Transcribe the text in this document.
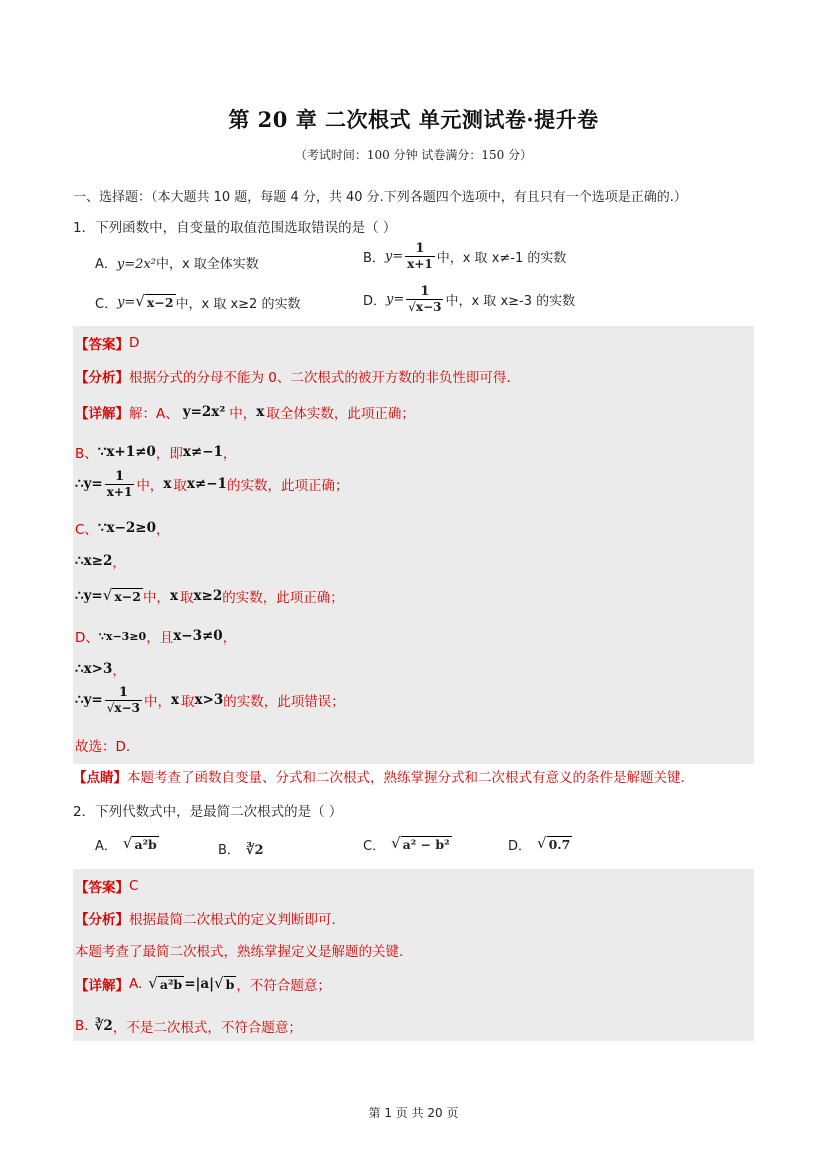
第 20 章 二次根式 单元测试卷·提升卷
（考试时间：100 分钟 试卷满分：150 分）
一、选择题：（本大题共 10 题，每题 4 分，共 40 分.下列各题四个选项中，有且只有一个选项是正确的.）
1．下列函数中，自变量的取值范围选取错误的是（ ）
A．y=2x²中，x 取全体实数	B． $y= \frac{1}{x+1}$ 中，x 取 x≠-1 的实数
C． y= √ x−2 中，x 取 x≥2 的实数	D． $y= \frac{1}{√x-3}$ 中，x 取 x≥-3 的实数
【答案】 D
【分析】 根据分式的分母不能为 0、二次根式的被开方数的非负性即可得.
【详解】 解：A、 y=2x² 中， x 取全体实数，此项正确；
B、 ∵x+1≠0 ，即 x≠−1 ，
∴y= $\frac{1}{x+1}$ 中， x 取 x≠−1 的实数，此项正确；
C、 ∵x−2≥0 ，
∴x≥2 ，
∴y= √ x−2 中， x 取 x≥2 的实数，此项正确；
D、 ∵x−3≥0 ，且 x−3≠0 ，
∴x>3 ，
∴y= $\frac{1}{√x-3}$ 中， x 取 x>3 的实数，此项错误；
故选：D.
【点睛】本题考查了函数自变量、分式和二次根式，熟练掌握分式和二次根式有意义的条件是解题关键.
2．下列代数式中，是最简二次根式的是（ ）
A． √ a²b	B． ∛2	C． √ a² − b²	D． √ 0.7
【答案】 C
【分析】 根据最简二次根式的定义判断即可.
本题考查了最简二次根式，熟练掌握定义是解题的关键.
【详解】 A. √ a²b =|a| √ b ，不符合题意；
B. ∛2 ，不是二次根式，不符合题意；
第 1 页 共 20 页
